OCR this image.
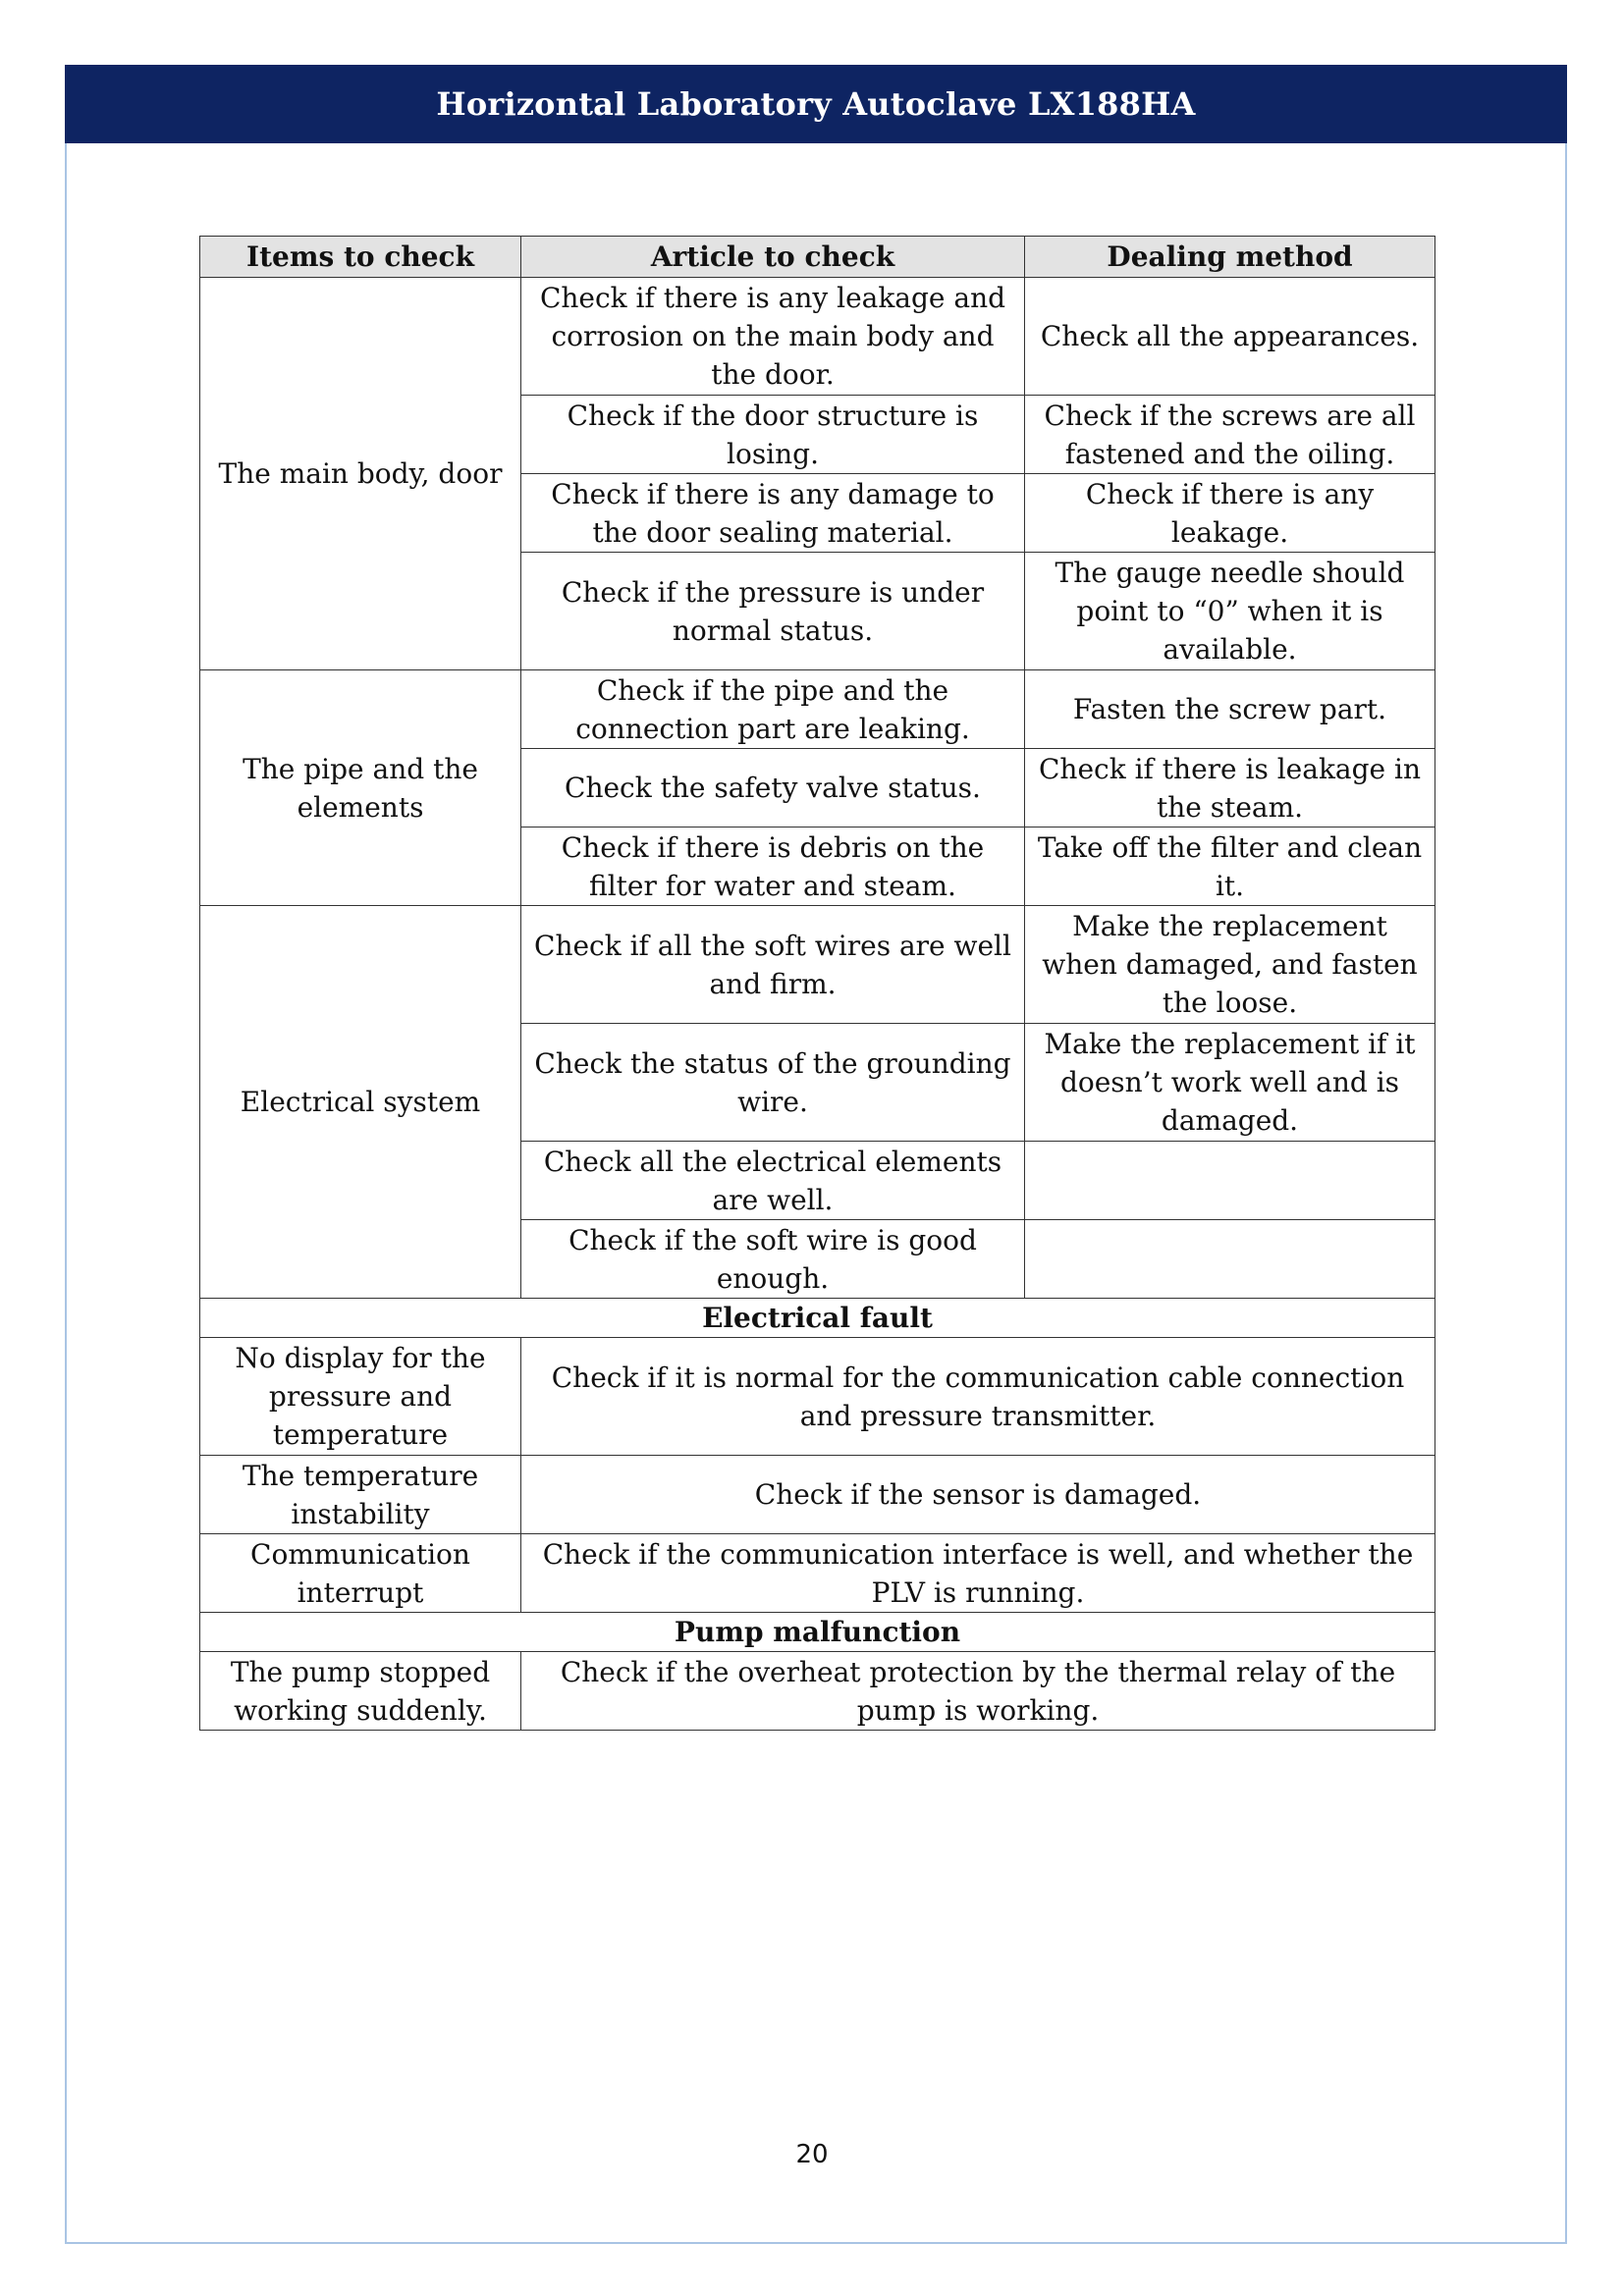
Horizontal Laboratory Autoclave LX188HA
Items to check	Article to check	Dealing method
The main body, door	Check if there is any leakage and corrosion on the main body and the door.	Check all the appearances.
	Check if the door structure is losing.	Check if the screws are all fastened and the oiling.
	Check if there is any damage to the door sealing material.	Check if there is any leakage.
	Check if the pressure is under normal status.	The gauge needle should point to “0” when it is available.
The pipe and the elements	Check if the pipe and the connection part are leaking.	Fasten the screw part.
	Check the safety valve status.	Check if there is leakage in the steam.
	Check if there is debris on the filter for water and steam.	Take off the filter and clean it.
Electrical system	Check if all the soft wires are well and firm.	Make the replacement when damaged, and fasten the loose.
	Check the status of the grounding wire.	Make the replacement if it doesn’t work well and is damaged.
	Check all the electrical elements are well.	
	Check if the soft wire is good enough.	
Electrical fault		
No display for the pressure and temperature	Check if it is normal for the communication cable connection and pressure transmitter.	
The temperature instability	Check if the sensor is damaged.	
Communication interrupt	Check if the communication interface is well, and whether the PLV is running.	
Pump malfunction		
The pump stopped working suddenly.	Check if the overheat protection by the thermal relay of the pump is working.	
20
